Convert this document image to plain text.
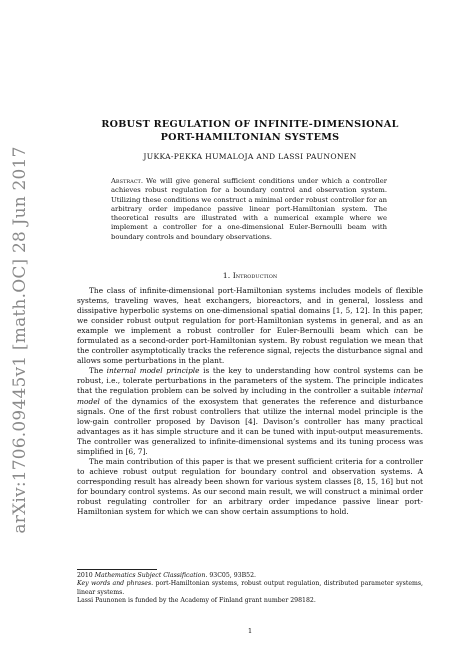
arXiv:1706.09445v1 [math.OC] 28 Jun 2017
ROBUST REGULATION OF INFINITE-DIMENSIONAL
PORT-HAMILTONIAN SYSTEMS
JUKKA-PEKKA HUMALOJA AND LASSI PAUNONEN
Abstract. We will give general sufficient conditions under which a controller achieves robust regulation for a boundary control and observation system. Utilizing these conditions we construct a minimal order robust controller for an arbitrary order impedance passive linear port-Hamiltonian system. The theoretical results are illustrated with a numerical example where we implement a controller for a one-dimensional Euler-Bernoulli beam with boundary controls and boundary observations.
1. Introduction

The class of infinite-dimensional port-Hamiltonian systems includes models of flexible systems, traveling waves, heat exchangers, bioreactors, and in general, lossless and dissipative hyperbolic systems on one-dimensional spatial domains [1, 5, 12]. In this paper, we consider robust output regulation for port-Hamiltonian systems in general, and as an example we implement a robust controller for Euler-Bernoulli beam which can be formulated as a second-order port-Hamiltonian system. By robust regulation we mean that the controller asymptotically tracks the reference signal, rejects the disturbance signal and allows some perturbations in the plant.

The internal model principle is the key to understanding how control systems can be robust, i.e., tolerate perturbations in the parameters of the system. The principle indicates that the regulation problem can be solved by including in the controller a suitable internal model of the dynamics of the exosystem that generates the reference and disturbance signals. One of the first robust controllers that utilize the internal model principle is the low-gain controller proposed by Davison [4]. Davison’s controller has many practical advantages as it has simple structure and it can be tuned with input-output measurements. The controller was generalized to infinite-dimensional systems and its tuning process was simplified in [6, 7].

The main contribution of this paper is that we present sufficient criteria for a controller to achieve robust output regulation for boundary control and observation systems. A corresponding result has already been shown for various system classes [8, 15, 16] but not for boundary control systems. As our second main result, we will construct a minimal order robust regulating controller for an arbitrary order impedance passive linear port-Hamiltonian system for which we can show certain assumptions to hold.

2010 Mathematics Subject Classification. 93C05, 93B52.

Key words and phrases. port-Hamiltonian systems, robust output regulation, distributed parameter systems, linear systems.

Lassi Paunonen is funded by the Academy of Finland grant number 298182.

1
